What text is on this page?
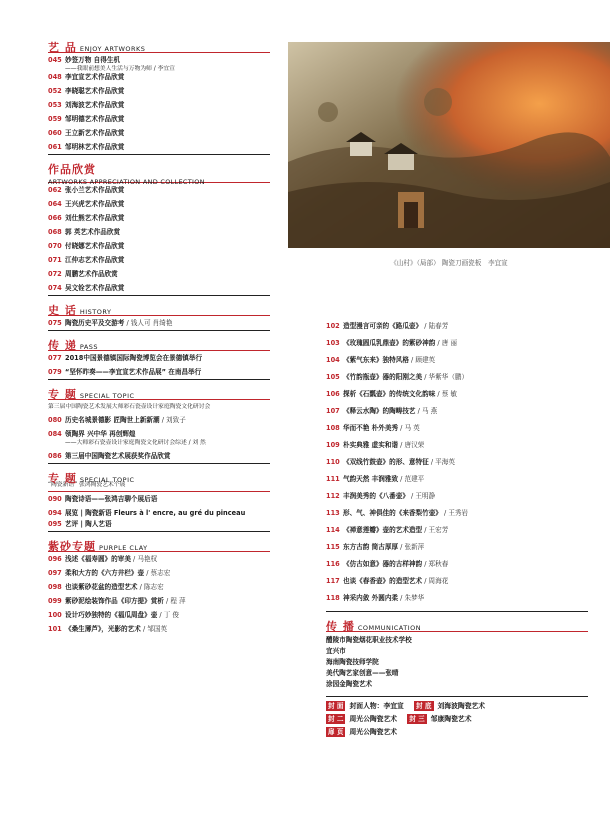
艺 品 ENJOY ARTWORKS
045 妙签万物 自得生机
——我眼前想美人生活与万物为师 / 李宜宣
048 李宜宣艺术作品欣赏
052 李晓聪艺术作品欣赏
053 刘海波艺术作品欣赏
059 邹明德艺术作品欣赏
060 王立新艺术作品欣赏
061 邹明林艺术作品欣赏
作品欣赏
ARTWORKS APPRECIATION AND COLLECTION
062 张小兰艺术作品欣赏
064 王兴虎艺术作品欣赏
066 刘仕熊艺术作品欣赏
068 郭 英艺术作品欣赏
070 付晓娜艺术作品欣赏
071 江仲志艺术作品欣赏
072 周鹏艺术作品欣赏
074 吴文铨艺术作品欣赏
史 话 HISTORY
075 陶瓷历史平及交游考 / 钱人可 肖绮艳
传 递 PASS
077 2018中国景德镇国际陶瓷博览会在景德镇举行
079 “坚怀昨奏——李宜宣艺术作品展” 在南昌举行
专 题 SPECIAL TOPIC
第三届中国陶瓷艺术发展大师彩石瓷壶设计家庭陶瓷文化研讨会
080 历史名城景德影 匠陶世上新新潮 / 刘致子
084 领陶界 兴中华 再创辉煌
——大师彩石瓷壶设计家庭陶瓷文化研讨会综述 / 刘 然
086 第三届中国陶瓷艺术展获奖作品欣赏
专 题 SPECIAL TOPIC
“陶瓷新语” 张鸿陶瓷艺术个展
090 陶瓷诗语——张鸿吉聊个展后语
094 展览 | 陶瓷新语 Fleurs à l' encre, au gré du pinceau
095 艺评 | 陶人艺语
紫砂专题 PURPLE CLAY
096 浅述《福寿圆》的审美 / 马艳权
097 柔和大方的《六方井栏》壶 / 蔡志宏
098 也谈紫砂花盆的造型艺术 / 陈志宏
099 紫砂泥绘装饰作品《印方提》赏析 / 程 萍
100 设计巧妙独特的《福瓜周盘》壶 / 丁 俊
101 《桑生薄芦》，光影的艺术 / 邹国英
《山村》（局部） 陶瓷刀画瓷板　李宜宣
102 造型漫言可亲的《路瓜壶》 / 陆春芳
103 《玫瑰圆瓜乳鼎壶》的紫砂神韵 / 唐 丽
104 《紫气东来》独特风格 / 顾建英
105 《竹韵瓶壶》器的阳刚之美 / 华紫华（鹏）
106 探析《石瓢壶》的传统文化韵味 / 蔡 敏
107 《释云水陶》的陶畴技艺 / 马 燕
108 华而不艳 朴外美秀 / 马 英
109 朴实典雅 虚实和谐 / 唐汉荣
110 《双线竹鼓壶》的形、意特征 / 平海英
111 气韵天然 丰润雅致 / 范建平
112 丰润美秀的《八番壶》 / 王明静
113 形、气、神俱佳的《来香梨竹壶》 / 王秀岩
114 《禅意莲瓣》壶的艺术造型 / 王宏芳
115 东方古韵 筒古厚厚 / 张新萍
116 《仿古如意》器的古样神韵 / 郑秋春
117 也谈《春香壶》的造型艺术 / 周海花
118 神采内敛 外圆内柔 / 朱梦华
传 播 COMMUNICATION
醴陵市陶瓷烟花职业技术学校
宜兴市
海南陶瓷技师学院
美代陶艺家创意——张晴
涂园金陶瓷艺术
封 面 封面人物：李宜宣 封 底 刘海波陶瓷艺术
封 二 周光公陶瓷艺术 封 三 邹康陶瓷艺术
扉 页 周光公陶瓷艺术
